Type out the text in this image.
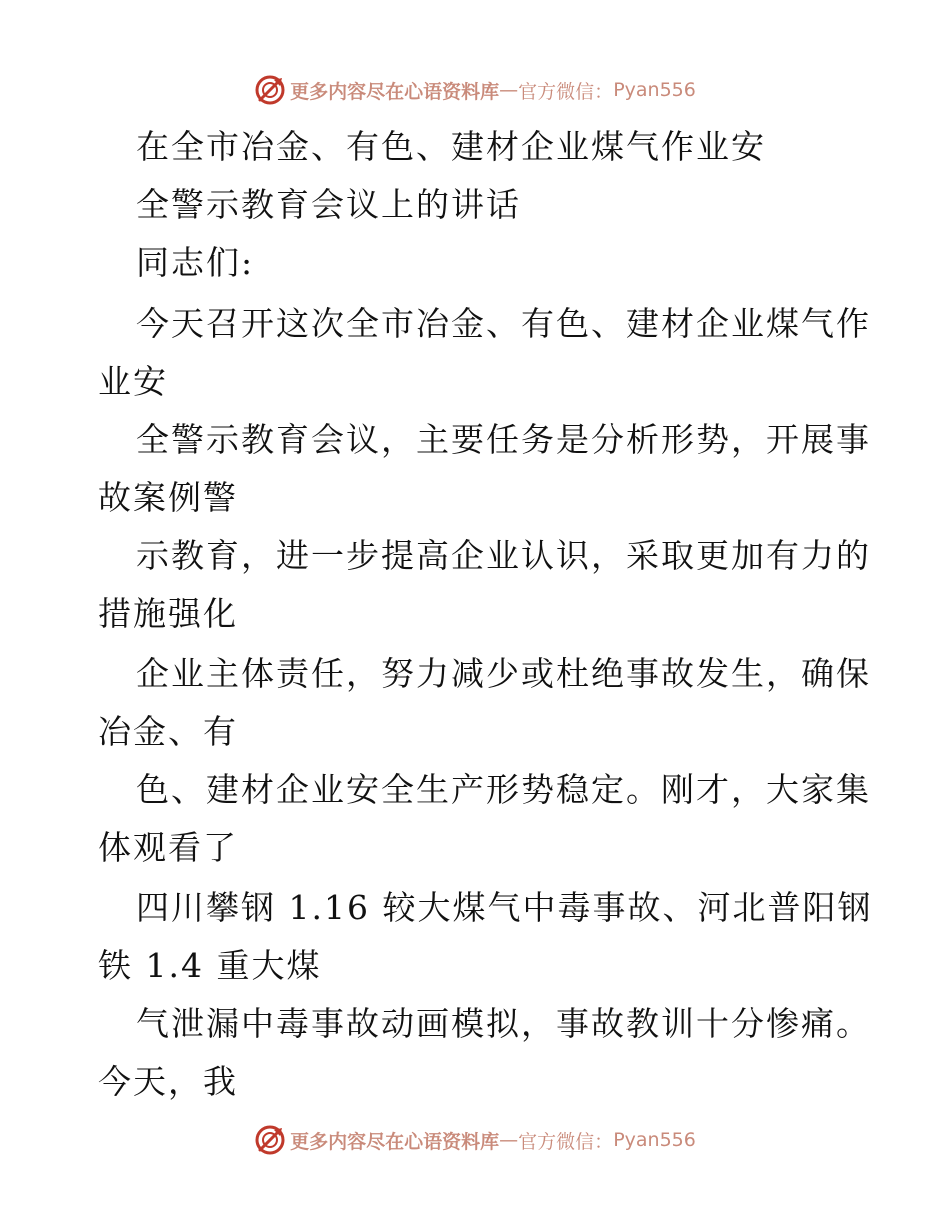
更多内容尽在心语资料库 — 官方微信： Pyan556
在全市冶金、有色、建材企业煤气作业安
全警示教育会议上的讲话
同志们:
今天召开这次全市冶金、有色、建材企业煤气作
业安
全警示教育会议，主要任务是分析形势，开展事
故案例警
示教育，进一步提高企业认识，采取更加有力的
措施强化
企业主体责任，努力减少或杜绝事故发生，确保
冶金、有
色、建材企业安全生产形势稳定。刚才，大家集
体观看了
四川攀钢 1.16 较大煤气中毒事故、河北普阳钢
铁 1.4 重大煤
气泄漏中毒事故动画模拟，事故教训十分惨痛。
今天，我
更多内容尽在心语资料库 — 官方微信： Pyan556
